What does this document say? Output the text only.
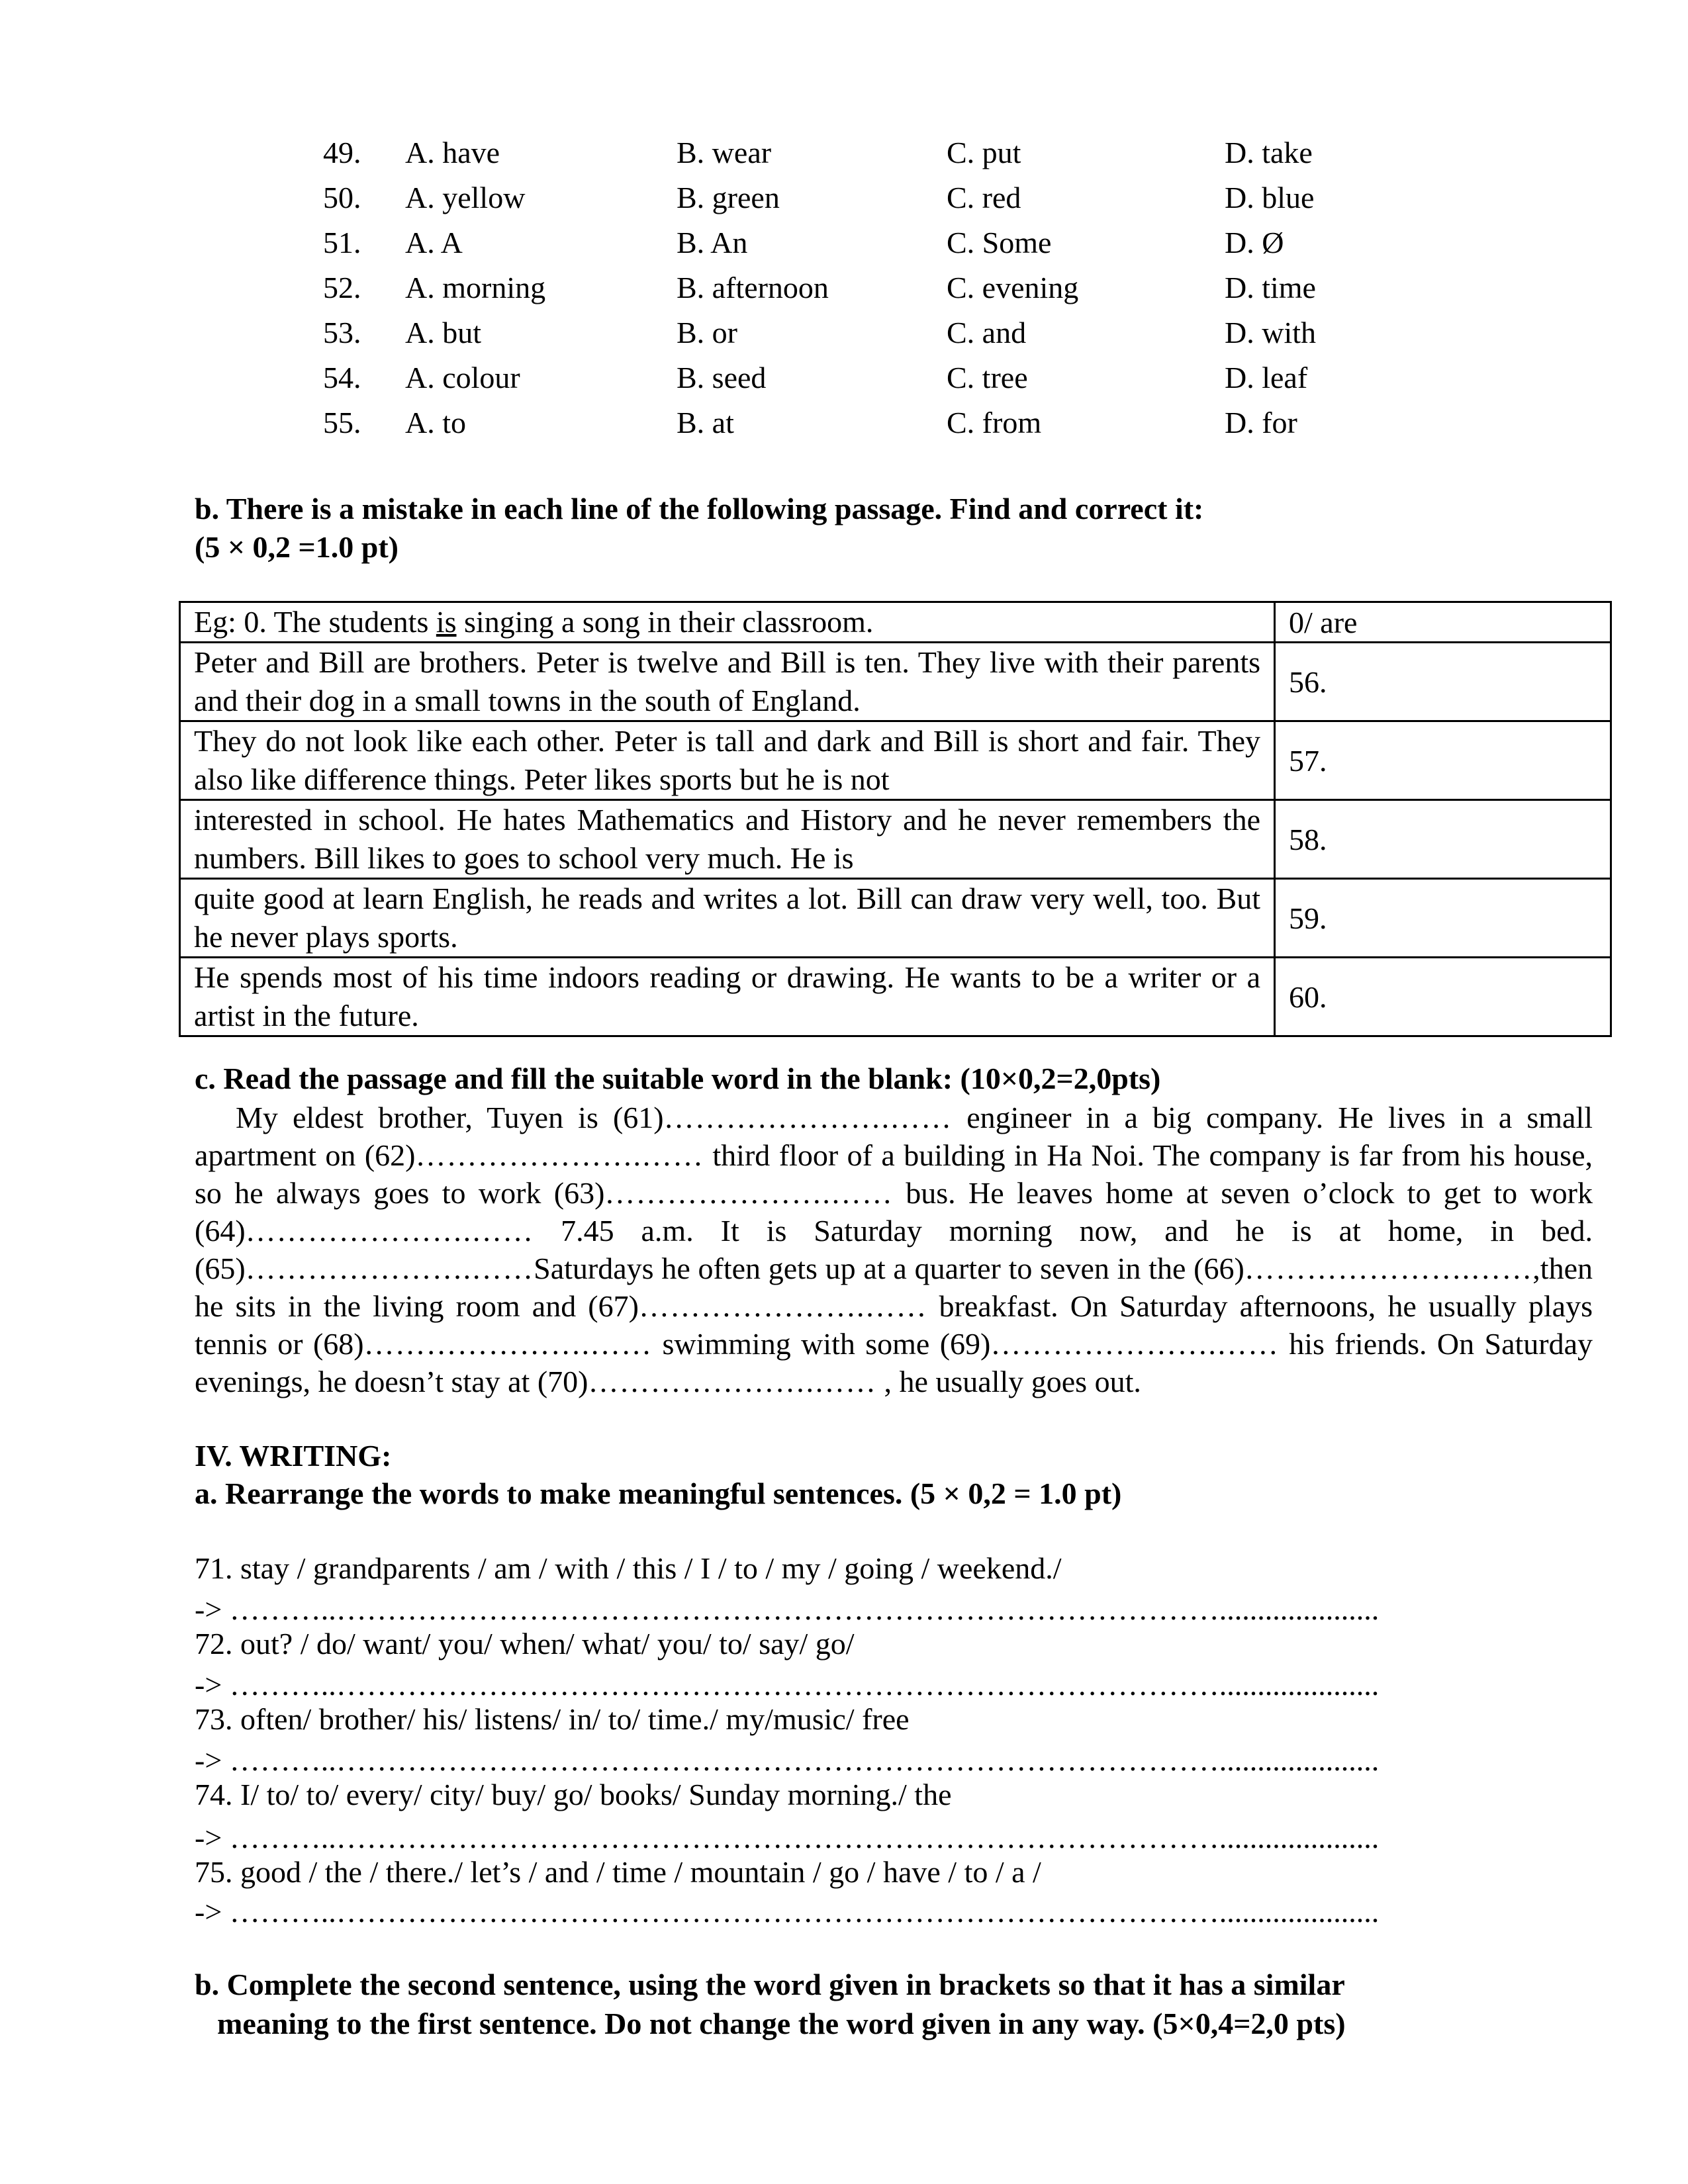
49. A. have	B. wear	C. put	D. take
50. A. yellow	B. green	C. red	D. blue
51. A. A	B. An	C. Some	D. Ø
52. A. morning	B. afternoon	C. evening	D. time
53. A. but	B. or	C. and	D. with
54. A. colour	B. seed	C. tree	D. leaf
55. A. to	B. at	C. from	D. for
b. There is a mistake in each line of the following passage. Find and correct it:
(5 × 0,2 =1.0 pt)
Eg: 0. The students is singing a song in their classroom.	0/ are
Peter and Bill are brothers. Peter is twelve and Bill is ten. They live with their parents and their dog in a small towns in the south of England.	56.
They do not look like each other. Peter is tall and dark and Bill is short and fair. They also like difference things. Peter likes sports but he is not	57.
interested in school. He hates Mathematics and History and he never remembers the numbers. Bill likes to goes to school very much. He is	58.
quite good at learn English, he reads and writes a lot. Bill can draw very well, too. But he never plays sports.	59.
He spends most of his time indoors reading or drawing. He wants to be a writer or a artist in the future.	60.
c. Read the passage and fill the suitable word in the blank: (10×0,2=2,0pts)

My eldest brother, Tuyen is (61)………………….…… engineer in a big company. He lives in a small apartment on (62)………………….…… third floor of a building in Ha Noi. The company is far from his house, so he always goes to work (63)………………….…… bus. He leaves home at seven o’clock to get to work (64)………………….…… 7.45 a.m. It is Saturday morning now, and he is at home, in bed. (65)………………….……Saturdays he often gets up at a quarter to seven in the (66)………………….……,then he sits in the living room and (67)………………….…… breakfast. On Saturday afternoons, he usually plays tennis or (68)………………….…… swimming with some (69)………………….…… his friends. On Saturday evenings, he doesn’t stay at (70)………………….…… , he usually goes out.

IV. WRITING:
a. Rearrange the words to make meaningful sentences. (5 × 0,2 = 1.0 pt)
71. stay / grandparents / am / with / this / I / to / my / going / weekend./
-> ………..…………………………………………………………………………….....................
72. out? / do/ want/ you/ when/ what/ you/ to/ say/ go/
-> ………..…………………………………………………………………………….....................
73. often/ brother/ his/ listens/ in/ to/ time./ my/music/ free
-> ………..…………………………………………………………………………….....................
74. I/ to/ to/ every/ city/ buy/ go/ books/ Sunday morning./ the
-> ………..…………………………………………………………………………….....................
75. good / the / there./ let’s / and / time / mountain / go / have / to / a /
-> ………..…………………………………………………………………………….....................
b. Complete the second sentence, using the word given in brackets so that it has a similar
meaning to the first sentence. Do not change the word given in any way. (5×0,4=2,0 pts)
